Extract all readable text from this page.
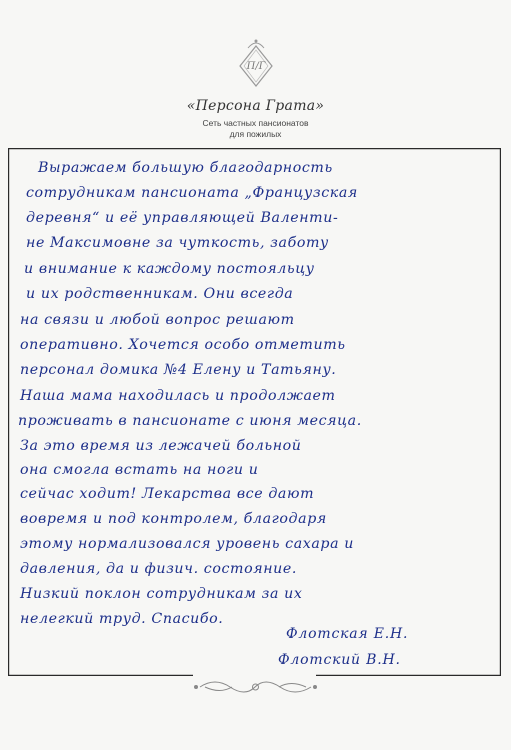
П/Г
«Персона Грата»
Сеть частных пансионатов
для пожилых
Выражаем большую благодарность
сотрудникам пансионата „Французская
деревня“ и её управляющей Валенти-
не Максимовне за чуткость, заботу
и внимание к каждому постояльцу
и их родственникам. Они всегда
на связи и любой вопрос решают
оперативно. Хочется особо отметить
персонал домика №4 Елену и Татьяну.
Наша мама находилась и продолжает
проживать в пансионате с июня месяца.
За это время из лежачей больной
она смогла встать на ноги и
сейчас ходит! Лекарства все дают
вовремя и под контролем, благодаря
этому нормализовался уровень сахара и
давления, да и физич. состояние.
Низкий поклон сотрудникам за их
нелегкий труд. Спасибо.
Флотская Е.Н.
Флотский В.Н.
